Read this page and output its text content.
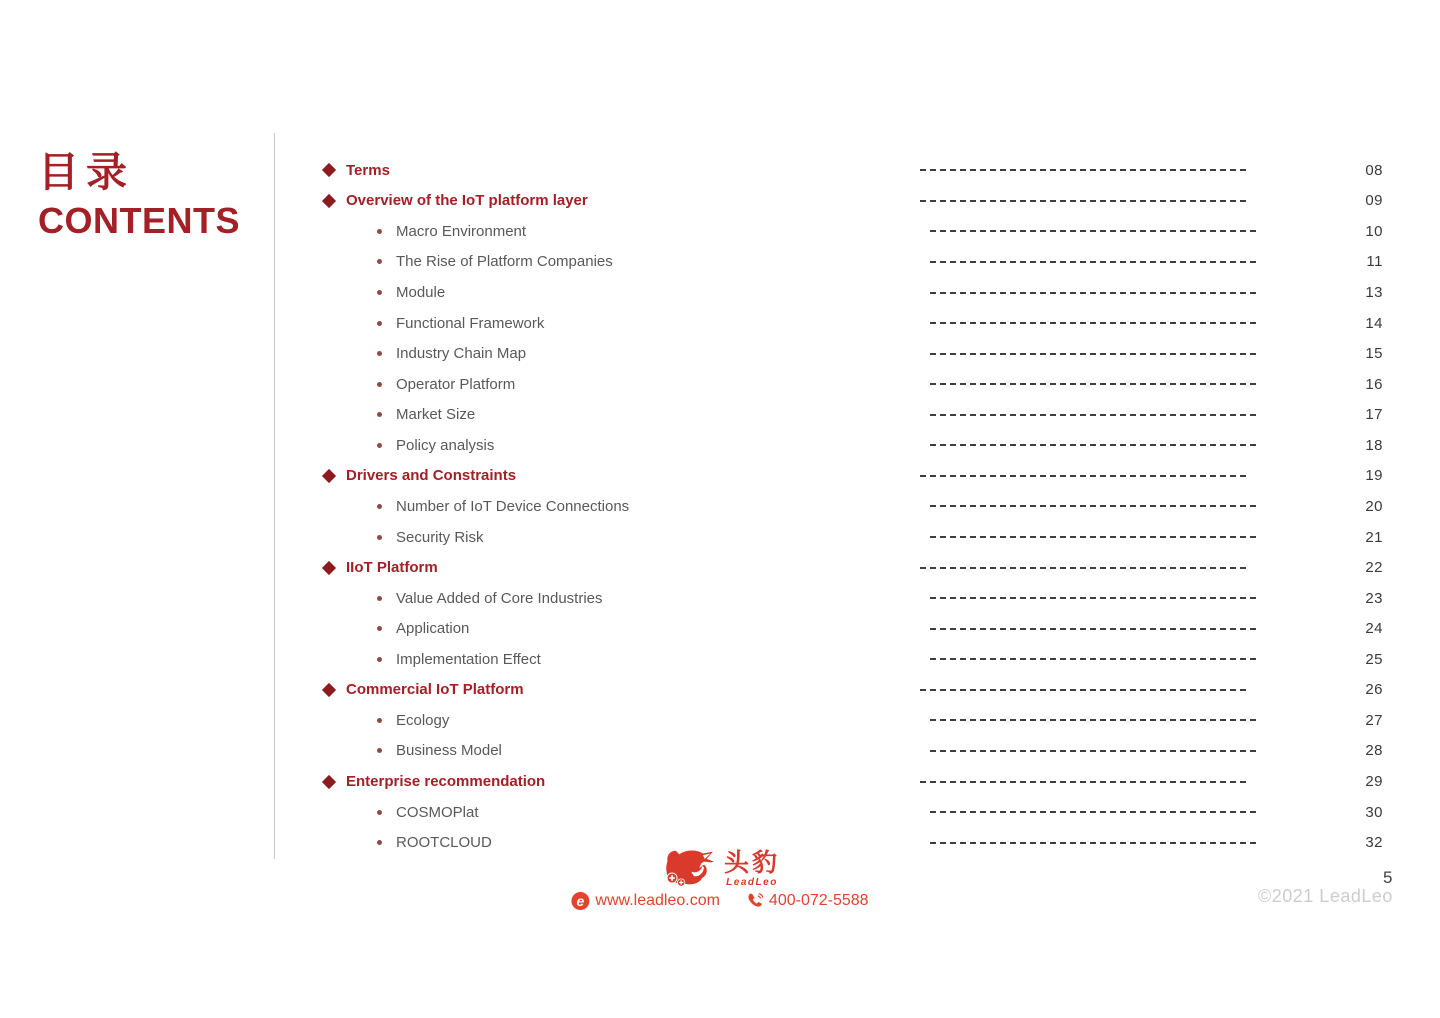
目录
CONTENTS
Terms	08
Overview of the IoT platform layer	09
Macro Environment	10
The Rise of Platform Companies	11
Module	13
Functional Framework	14
Industry Chain Map	15
Operator Platform	16
Market Size	17
Policy analysis	18
Drivers and Constraints	19
Number of IoT Device Connections	20
Security Risk	21
IIoT Platform	22
Value Added of Core Industries	23
Application	24
Implementation Effect	25
Commercial IoT Platform	26
Ecology	27
Business Model	28
Enterprise recommendation	29
COSMOPlat	30
ROOTCLOUD	32
头豹
LeadLeo
e www.leadleo.com	400-072-5588
5
©2021 LeadLeo
